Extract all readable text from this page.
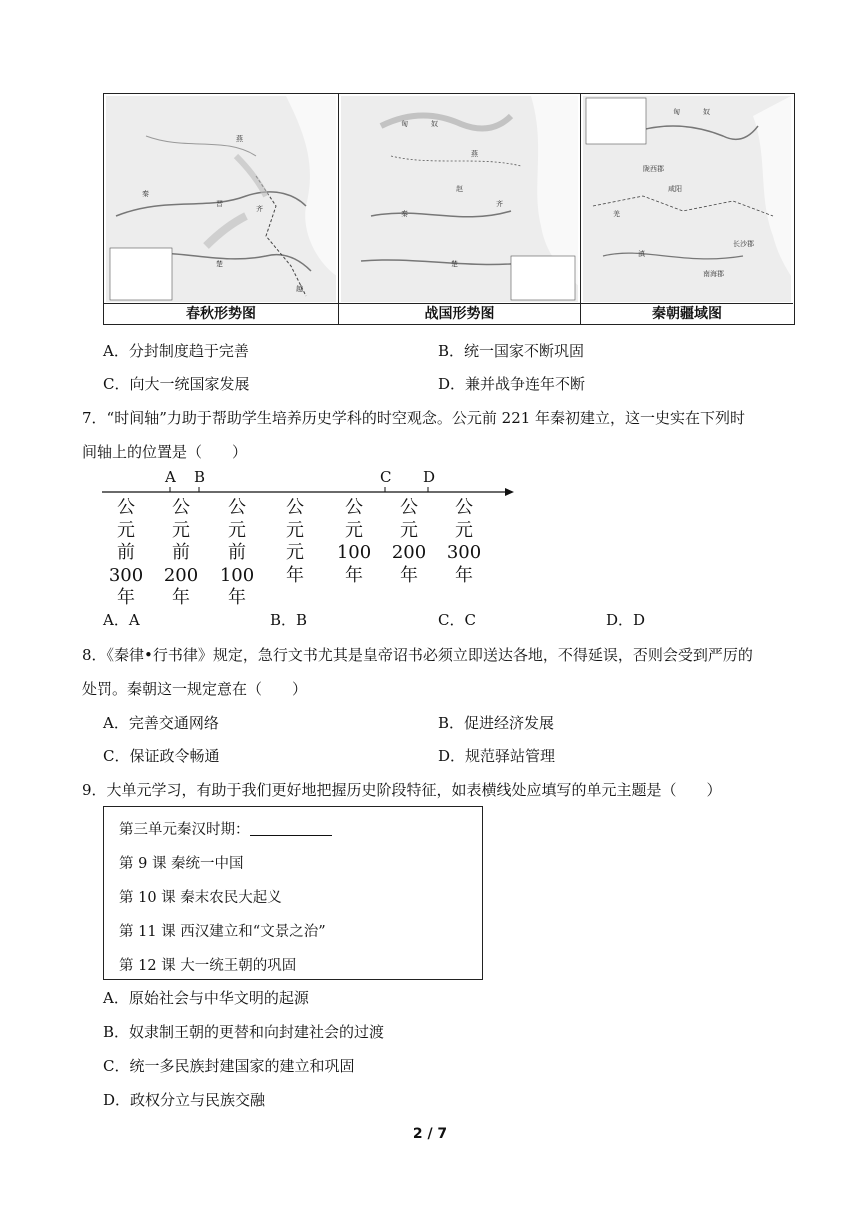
秦
燕
齐
晋
楚
越
春秋形势图
匈	奴
燕
秦
赵
齐
楚
战国形势图
匈	奴
陇西郡
咸阳
羌
滇
长沙郡
南海郡
秦朝疆域图
A．分封制度趋于完善	B．统一国家不断巩固
C．向大一统国家发展	D．兼并战争连年不断
7．“时间轴”力助于帮助学生培养历史学科的时空观念。公元前 221 年秦初建立，这一史实在下列时
间轴上的位置是（　　）
A B	C D
公
元
前
300
年
公
元
前
200
年
公
元
前
100
年
公
元
元
年
公
元
100
年
公
元
200
年
公
元
300
年
A．A	B．B	C．C	D．D
8．《秦律•行书律》规定，急行文书尤其是皇帝诏书必须立即送达各地，不得延误，否则会受到严厉的
处罚。秦朝这一规定意在（　　）
A．完善交通网络	B．促进经济发展
C．保证政令畅通	D．规范驿站管理
9．大单元学习，有助于我们更好地把握历史阶段特征，如表横线处应填写的单元主题是（　　）
第三单元秦汉时期：
第 9 课 秦统一中国
第 10 课 秦末农民大起义
第 11 课 西汉建立和“文景之治”
第 12 课 大一统王朝的巩固
A．原始社会与中华文明的起源
B．奴隶制王朝的更替和向封建社会的过渡
C．统一多民族封建国家的建立和巩固
D．政权分立与民族交融
2 / 7
